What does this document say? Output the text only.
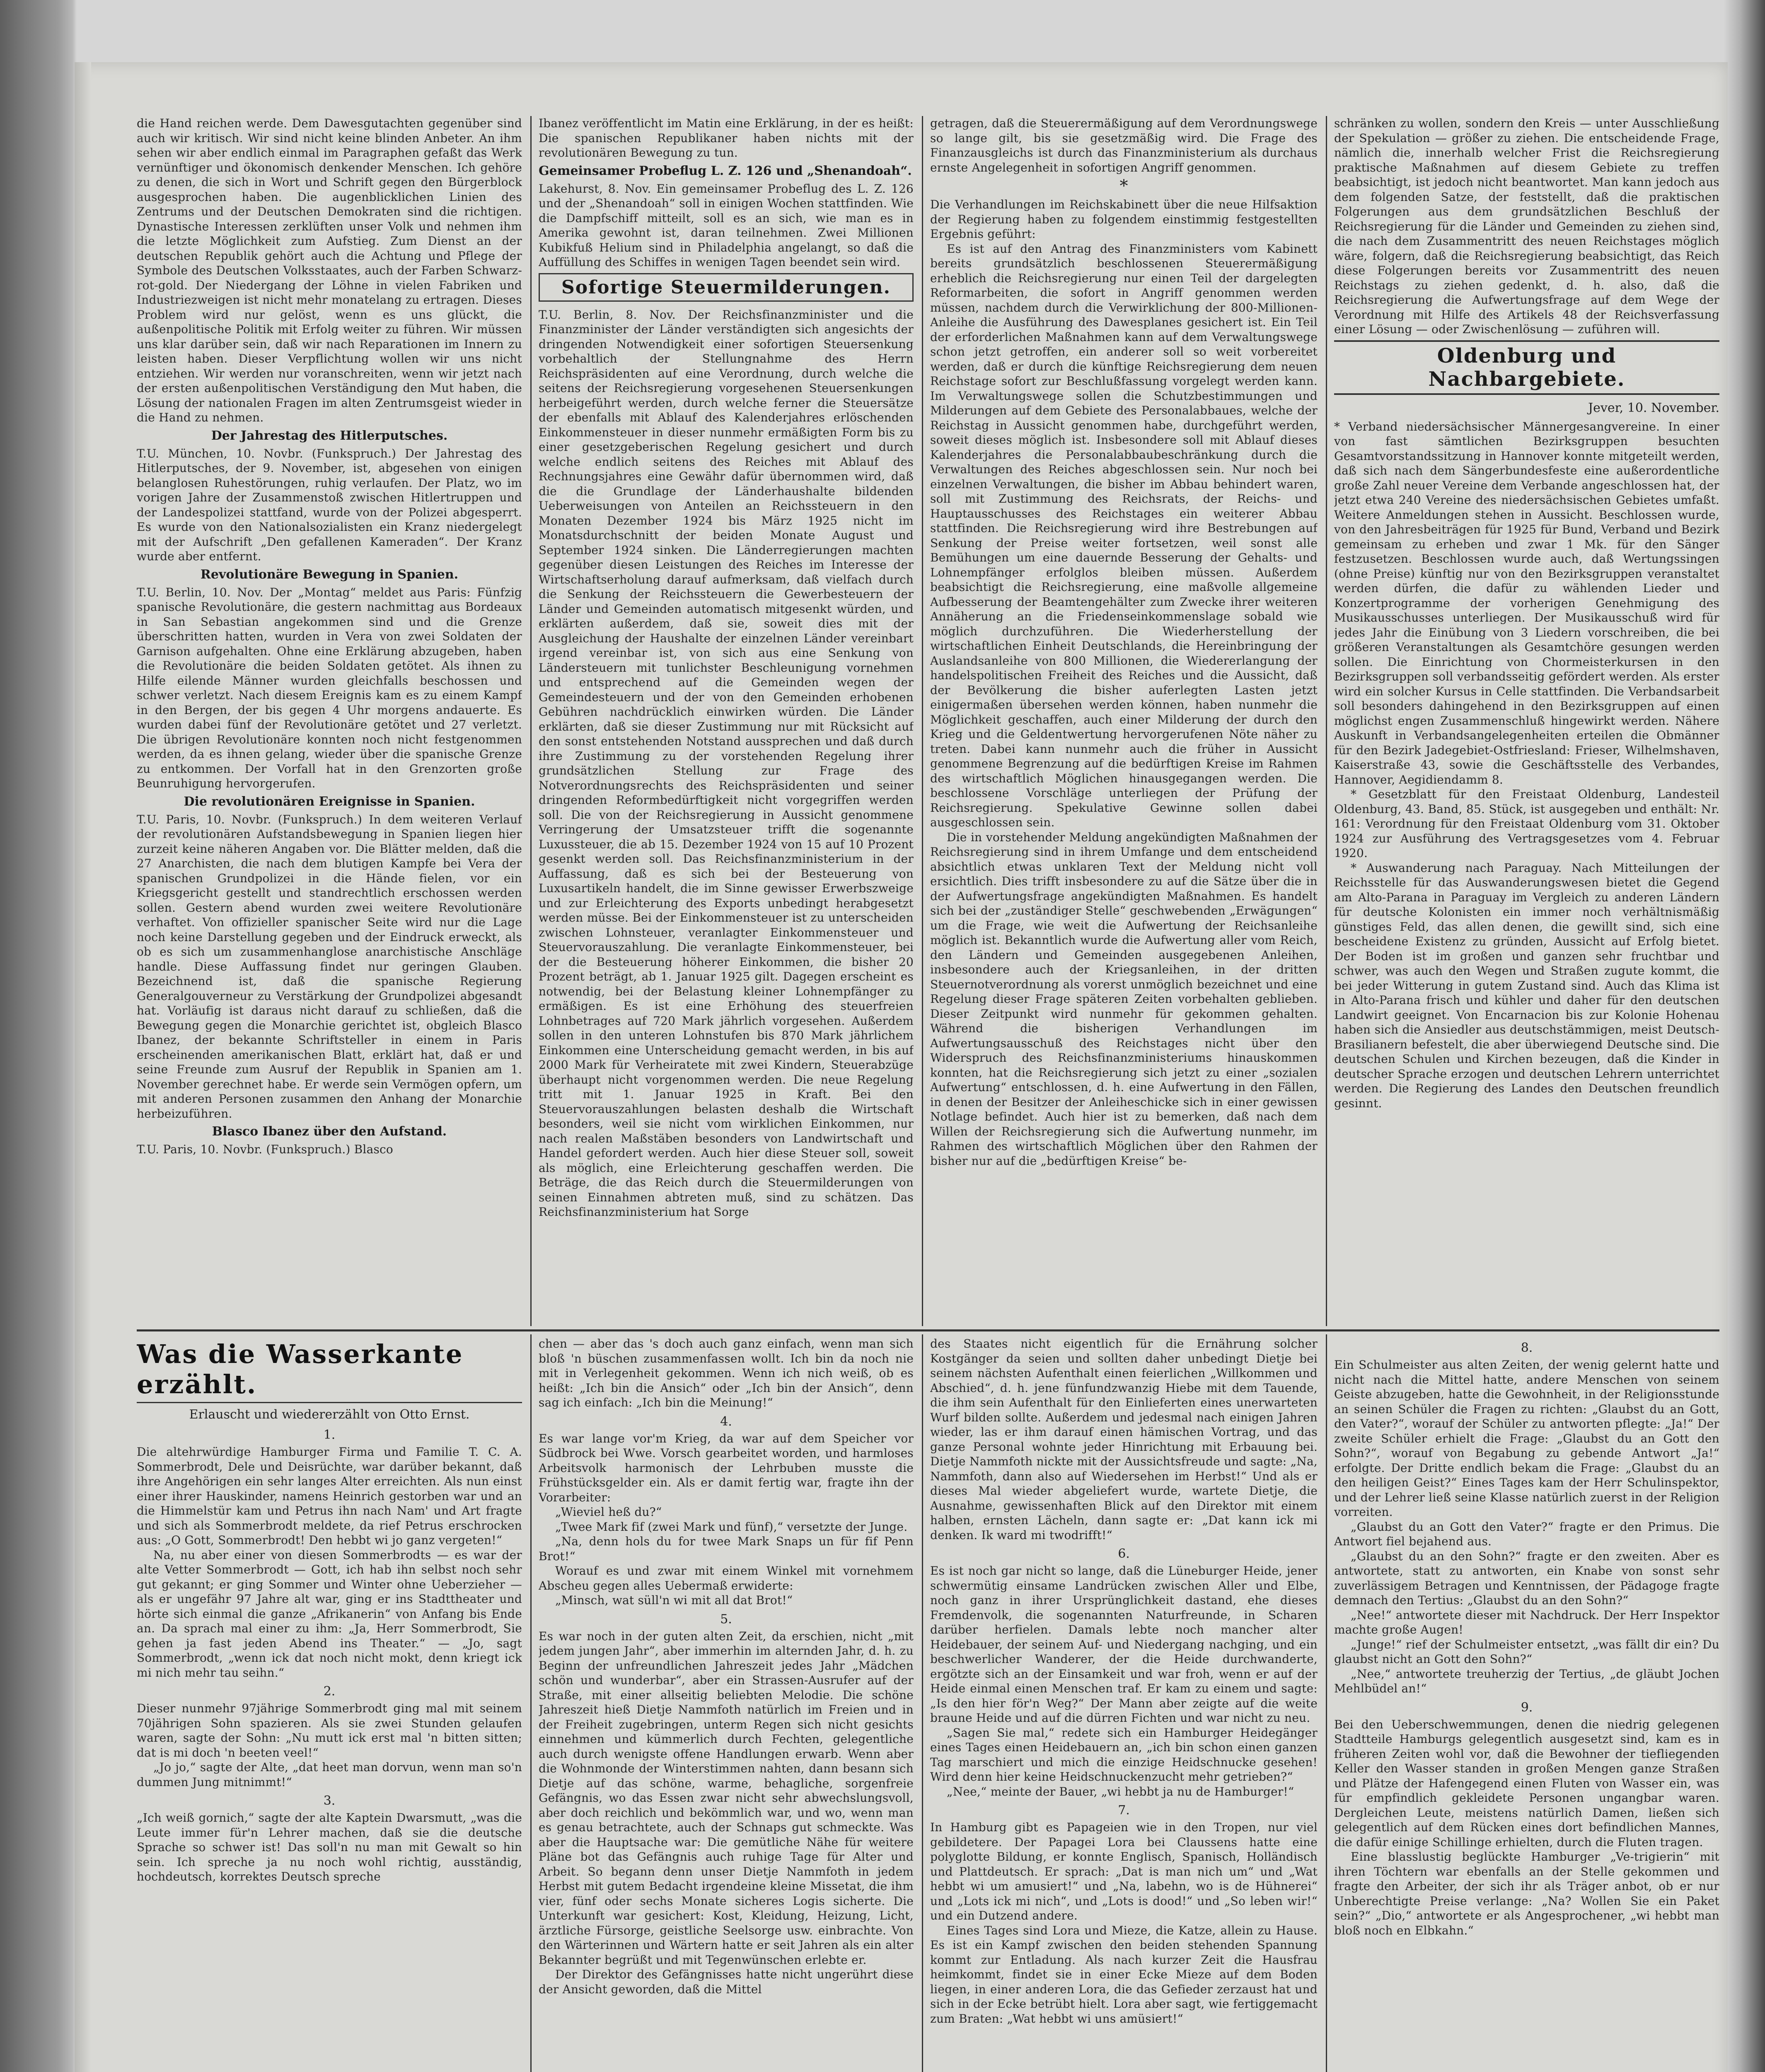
die Hand reichen werde. Dem Dawesgutachten gegenüber sind auch wir kritisch. Wir sind nicht keine blinden Anbeter. An ihm sehen wir aber endlich einmal im Paragraphen gefaßt das Werk vernünftiger und ökonomisch denkender Menschen. Ich gehöre zu denen, die sich in Wort und Schrift gegen den Bürgerblock ausgesprochen haben. Die augenblicklichen Linien des Zentrums und der Deutschen Demokraten sind die richtigen. Dynastische Interessen zerklüften unser Volk und nehmen ihm die letzte Möglichkeit zum Aufstieg. Zum Dienst an der deutschen Republik gehört auch die Achtung und Pflege der Symbole des Deutschen Volksstaates, auch der Farben Schwarz-rot-gold. Der Niedergang der Löhne in vielen Fabriken und Industriezweigen ist nicht mehr monatelang zu ertragen. Dieses Problem wird nur gelöst, wenn es uns glückt, die außenpolitische Politik mit Erfolg weiter zu führen. Wir müssen uns klar darüber sein, daß wir nach Reparationen im Innern zu leisten haben. Dieser Verpflichtung wollen wir uns nicht entziehen. Wir werden nur voranschreiten, wenn wir jetzt nach der ersten außenpolitischen Verständigung den Mut haben, die Lösung der nationalen Fragen im alten Zentrumsgeist wieder in die Hand zu nehmen.

Der Jahrestag des Hitlerputsches.

T.U. München, 10. Novbr. (Funkspruch.) Der Jahrestag des Hitlerputsches, der 9. November, ist, abgesehen von einigen belanglosen Ruhestörungen, ruhig verlaufen. Der Platz, wo im vorigen Jahre der Zusammenstoß zwischen Hitlertruppen und der Landespolizei stattfand, wurde von der Polizei abgesperrt. Es wurde von den Nationalsozialisten ein Kranz niedergelegt mit der Aufschrift „Den gefallenen Kameraden“. Der Kranz wurde aber entfernt.

Revolutionäre Bewegung in Spanien.

T.U. Berlin, 10. Nov. Der „Montag“ meldet aus Paris: Fünfzig spanische Revolutionäre, die gestern nachmittag aus Bordeaux in San Sebastian angekommen sind und die Grenze überschritten hatten, wurden in Vera von zwei Soldaten der Garnison aufgehalten. Ohne eine Erklärung abzugeben, haben die Revolutionäre die beiden Soldaten getötet. Als ihnen zu Hilfe eilende Männer wurden gleichfalls beschossen und schwer verletzt. Nach diesem Ereignis kam es zu einem Kampf in den Bergen, der bis gegen 4 Uhr morgens andauerte. Es wurden dabei fünf der Revolutionäre getötet und 27 verletzt. Die übrigen Revolutionäre konnten noch nicht festgenommen werden, da es ihnen gelang, wieder über die spanische Grenze zu entkommen. Der Vorfall hat in den Grenzorten große Beunruhigung hervorgerufen.

Die revolutionären Ereignisse in Spanien.

T.U. Paris, 10. Novbr. (Funkspruch.) In dem weiteren Verlauf der revolutionären Aufstandsbewegung in Spanien liegen hier zurzeit keine näheren Angaben vor. Die Blätter melden, daß die 27 Anarchisten, die nach dem blutigen Kampfe bei Vera der spanischen Grundpolizei in die Hände fielen, vor ein Kriegsgericht gestellt und standrechtlich erschossen werden sollen. Gestern abend wurden zwei weitere Revolutionäre verhaftet. Von offizieller spanischer Seite wird nur die Lage noch keine Darstellung gegeben und der Eindruck erweckt, als ob es sich um zusammenhanglose anarchistische Anschläge handle. Diese Auffassung findet nur geringen Glauben. Bezeichnend ist, daß die spanische Regierung Generalgouverneur zu Verstärkung der Grundpolizei abgesandt hat. Vorläufig ist daraus nicht darauf zu schließen, daß die Bewegung gegen die Monarchie gerichtet ist, obgleich Blasco Ibanez, der bekannte Schriftsteller in einem in Paris erscheinenden amerikanischen Blatt, erklärt hat, daß er und seine Freunde zum Ausruf der Republik in Spanien am 1. November gerechnet habe. Er werde sein Vermögen opfern, um mit anderen Personen zusammen den Anhang der Monarchie herbeizuführen.

Blasco Ibanez über den Aufstand.

T.U. Paris, 10. Novbr. (Funkspruch.) Blasco

Ibanez veröffentlicht im Matin eine Erklärung, in der es heißt: Die spanischen Republikaner haben nichts mit der revolutionären Bewegung zu tun.

Gemeinsamer Probeflug L. Z. 126 und „Shenandoah“.

Lakehurst, 8. Nov. Ein gemeinsamer Probeflug des L. Z. 126 und der „Shenandoah“ soll in einigen Wochen stattfinden. Wie die Dampfschiff mitteilt, soll es an sich, wie man es in Amerika gewohnt ist, daran teilnehmen. Zwei Millionen Kubikfuß Helium sind in Philadelphia angelangt, so daß die Auffüllung des Schiffes in wenigen Tagen beendet sein wird.

Sofortige Steuermilderungen.

T.U. Berlin, 8. Nov. Der Reichsfinanzminister und die Finanzminister der Länder verständigten sich angesichts der dringenden Notwendigkeit einer sofortigen Steuersenkung vorbehaltlich der Stellungnahme des Herrn Reichspräsidenten auf eine Verordnung, durch welche die seitens der Reichsregierung vorgesehenen Steuersenkungen herbeigeführt werden, durch welche ferner die Steuersätze der ebenfalls mit Ablauf des Kalenderjahres erlöschenden Einkommensteuer in dieser nunmehr ermäßigten Form bis zu einer gesetzgeberischen Regelung gesichert und durch welche endlich seitens des Reiches mit Ablauf des Rechnungsjahres eine Gewähr dafür übernommen wird, daß die die Grundlage der Länderhaushalte bildenden Ueberweisungen von Anteilen an Reichssteuern in den Monaten Dezember 1924 bis März 1925 nicht im Monatsdurchschnitt der beiden Monate August und September 1924 sinken. Die Länderregierungen machten gegenüber diesen Leistungen des Reiches im Interesse der Wirtschaftserholung darauf aufmerksam, daß vielfach durch die Senkung der Reichssteuern die Gewerbesteuern der Länder und Gemeinden automatisch mitgesenkt würden, und erklärten außerdem, daß sie, soweit dies mit der Ausgleichung der Haushalte der einzelnen Länder vereinbart irgend vereinbar ist, von sich aus eine Senkung von Ländersteuern mit tunlichster Beschleunigung vornehmen und entsprechend auf die Gemeinden wegen der Gemeindesteuern und der von den Gemeinden erhobenen Gebühren nachdrücklich einwirken würden. Die Länder erklärten, daß sie dieser Zustimmung nur mit Rücksicht auf den sonst entstehenden Notstand aussprechen und daß durch ihre Zustimmung zu der vorstehenden Regelung ihrer grundsätzlichen Stellung zur Frage des Notverordnungsrechts des Reichspräsidenten und seiner dringenden Reformbedürftigkeit nicht vorgegriffen werden soll. Die von der Reichsregierung in Aussicht genommene Verringerung der Umsatzsteuer trifft die sogenannte Luxussteuer, die ab 15. Dezember 1924 von 15 auf 10 Prozent gesenkt werden soll. Das Reichsfinanzministerium in der Auffassung, daß es sich bei der Besteuerung von Luxusartikeln handelt, die im Sinne gewisser Erwerbszweige und zur Erleichterung des Exports unbedingt herabgesetzt werden müsse. Bei der Einkommensteuer ist zu unterscheiden zwischen Lohnsteuer, veranlagter Einkommensteuer und Steuervorauszahlung. Die veranlagte Einkommensteuer, bei der die Besteuerung höherer Einkommen, die bisher 20 Prozent beträgt, ab 1. Januar 1925 gilt. Dagegen erscheint es notwendig, bei der Belastung kleiner Lohnempfänger zu ermäßigen. Es ist eine Erhöhung des steuerfreien Lohnbetrages auf 720 Mark jährlich vorgesehen. Außerdem sollen in den unteren Lohnstufen bis 870 Mark jährlichem Einkommen eine Unterscheidung gemacht werden, in bis auf 2000 Mark für Verheiratete mit zwei Kindern, Steuerabzüge überhaupt nicht vorgenommen werden. Die neue Regelung tritt mit 1. Januar 1925 in Kraft. Bei den Steuervorauszahlungen belasten deshalb die Wirtschaft besonders, weil sie nicht vom wirklichen Einkommen, nur nach realen Maßstäben besonders von Landwirtschaft und Handel gefordert werden. Auch hier diese Steuer soll, soweit als möglich, eine Erleichterung geschaffen werden. Die Beträge, die das Reich durch die Steuermilderungen von seinen Einnahmen abtreten muß, sind zu schätzen. Das Reichsfinanzministerium hat Sorge

getragen, daß die Steuerermäßigung auf dem Verordnungswege so lange gilt, bis sie gesetzmäßig wird. Die Frage des Finanzausgleichs ist durch das Finanzministerium als durchaus ernste Angelegenheit in sofortigen Angriff genommen.

*

Die Verhandlungen im Reichskabinett über die neue Hilfsaktion der Regierung haben zu folgendem einstimmig festgestellten Ergebnis geführt:

Es ist auf den Antrag des Finanzministers vom Kabinett bereits grundsätzlich beschlossenen Steuerermäßigung erheblich die Reichsregierung nur einen Teil der dargelegten Reformarbeiten, die sofort in Angriff genommen werden müssen, nachdem durch die Verwirklichung der 800-Millionen-Anleihe die Ausführung des Dawesplanes gesichert ist. Ein Teil der erforderlichen Maßnahmen kann auf dem Verwaltungswege schon jetzt getroffen, ein anderer soll so weit vorbereitet werden, daß er durch die künftige Reichsregierung dem neuen Reichstage sofort zur Beschlußfassung vorgelegt werden kann. Im Verwaltungswege sollen die Schutzbestimmungen und Milderungen auf dem Gebiete des Personalabbaues, welche der Reichstag in Aussicht genommen habe, durchgeführt werden, soweit dieses möglich ist. Insbesondere soll mit Ablauf dieses Kalenderjahres die Personalabbaubeschränkung durch die Verwaltungen des Reiches abgeschlossen sein. Nur noch bei einzelnen Verwaltungen, die bisher im Abbau behindert waren, soll mit Zustimmung des Reichsrats, der Reichs- und Hauptausschusses des Reichstages ein weiterer Abbau stattfinden. Die Reichsregierung wird ihre Bestrebungen auf Senkung der Preise weiter fortsetzen, weil sonst alle Bemühungen um eine dauernde Besserung der Gehalts- und Lohnempfänger erfolglos bleiben müssen. Außerdem beabsichtigt die Reichsregierung, eine maßvolle allgemeine Aufbesserung der Beamtengehälter zum Zwecke ihrer weiteren Annäherung an die Friedenseinkommenslage sobald wie möglich durchzuführen. Die Wiederherstellung der wirtschaftlichen Einheit Deutschlands, die Hereinbringung der Auslandsanleihe von 800 Millionen, die Wiedererlangung der handelspolitischen Freiheit des Reiches und die Aussicht, daß der Bevölkerung die bisher auferlegten Lasten jetzt einigermaßen übersehen werden können, haben nunmehr die Möglichkeit geschaffen, auch einer Milderung der durch den Krieg und die Geldentwertung hervorgerufenen Nöte näher zu treten. Dabei kann nunmehr auch die früher in Aussicht genommene Begrenzung auf die bedürftigen Kreise im Rahmen des wirtschaftlich Möglichen hinausgegangen werden. Die beschlossene Vorschläge unterliegen der Prüfung der Reichsregierung. Spekulative Gewinne sollen dabei ausgeschlossen sein.

Die in vorstehender Meldung angekündigten Maßnahmen der Reichsregierung sind in ihrem Umfange und dem entscheidend absichtlich etwas unklaren Text der Meldung nicht voll ersichtlich. Dies trifft insbesondere zu auf die Sätze über die in der Aufwertungsfrage angekündigten Maßnahmen. Es handelt sich bei der „zuständiger Stelle“ geschwebenden „Erwägungen“ um die Frage, wie weit die Aufwertung der Reichsanleihe möglich ist. Bekanntlich wurde die Aufwertung aller vom Reich, den Ländern und Gemeinden ausgegebenen Anleihen, insbesondere auch der Kriegsanleihen, in der dritten Steuernotverordnung als vorerst unmöglich bezeichnet und eine Regelung dieser Frage späteren Zeiten vorbehalten geblieben. Dieser Zeitpunkt wird nunmehr für gekommen gehalten. Während die bisherigen Verhandlungen im Aufwertungsausschuß des Reichstages nicht über den Widerspruch des Reichsfinanzministeriums hinauskommen konnten, hat die Reichsregierung sich jetzt zu einer „sozialen Aufwertung“ entschlossen, d. h. eine Aufwertung in den Fällen, in denen der Besitzer der Anleiheschicke sich in einer gewissen Notlage befindet. Auch hier ist zu bemerken, daß nach dem Willen der Reichsregierung sich die Aufwertung nunmehr, im Rahmen des wirtschaftlich Möglichen über den Rahmen der bisher nur auf die „bedürftigen Kreise“ be-

schränken zu wollen, sondern den Kreis — unter Ausschließung der Spekulation — größer zu ziehen. Die entscheidende Frage, nämlich die, innerhalb welcher Frist die Reichsregierung praktische Maßnahmen auf diesem Gebiete zu treffen beabsichtigt, ist jedoch nicht beantwortet. Man kann jedoch aus dem folgenden Satze, der feststellt, daß die praktischen Folgerungen aus dem grundsätzlichen Beschluß der Reichsregierung für die Länder und Gemeinden zu ziehen sind, die nach dem Zusammentritt des neuen Reichstages möglich wäre, folgern, daß die Reichsregierung beabsichtigt, das Reich diese Folgerungen bereits vor Zusammentritt des neuen Reichstags zu ziehen gedenkt, d. h. also, daß die Reichsregierung die Aufwertungsfrage auf dem Wege der Verordnung mit Hilfe des Artikels 48 der Reichsverfassung einer Lösung — oder Zwischenlösung — zuführen will.

Oldenburg und Nachbargebiete.
Jever, 10. November.

* Verband niedersächsischer Männergesangvereine. In einer von fast sämtlichen Bezirksgruppen besuchten Gesamtvorstandssitzung in Hannover konnte mitgeteilt werden, daß sich nach dem Sängerbundesfeste eine außerordentliche große Zahl neuer Vereine dem Verbande angeschlossen hat, der jetzt etwa 240 Vereine des niedersächsischen Gebietes umfaßt. Weitere Anmeldungen stehen in Aussicht. Beschlossen wurde, von den Jahresbeiträgen für 1925 für Bund, Verband und Bezirk gemeinsam zu erheben und zwar 1 Mk. für den Sänger festzusetzen. Beschlossen wurde auch, daß Wertungssingen (ohne Preise) künftig nur von den Bezirksgruppen veranstaltet werden dürfen, die dafür zu wählenden Lieder und Konzertprogramme der vorherigen Genehmigung des Musikausschusses unterliegen. Der Musikausschuß wird für jedes Jahr die Einübung von 3 Liedern vorschreiben, die bei größeren Veranstaltungen als Gesamtchöre gesungen werden sollen. Die Einrichtung von Chormeisterkursen in den Bezirksgruppen soll verbandsseitig gefördert werden. Als erster wird ein solcher Kursus in Celle stattfinden. Die Verbandsarbeit soll besonders dahingehend in den Bezirksgruppen auf einen möglichst engen Zusammenschluß hingewirkt werden. Nähere Auskunft in Verbandsangelegenheiten erteilen die Obmänner für den Bezirk Jadegebiet-Ostfriesland: Frieser, Wilhelmshaven, Kaiserstraße 43, sowie die Geschäftsstelle des Verbandes, Hannover, Aegidiendamm 8.

* Gesetzblatt für den Freistaat Oldenburg, Landesteil Oldenburg, 43. Band, 85. Stück, ist ausgegeben und enthält: Nr. 161: Verordnung für den Freistaat Oldenburg vom 31. Oktober 1924 zur Ausführung des Vertragsgesetzes vom 4. Februar 1920.

* Auswanderung nach Paraguay. Nach Mitteilungen der Reichsstelle für das Auswanderungswesen bietet die Gegend am Alto-Parana in Paraguay im Vergleich zu anderen Ländern für deutsche Kolonisten ein immer noch verhältnismäßig günstiges Feld, das allen denen, die gewillt sind, sich eine bescheidene Existenz zu gründen, Aussicht auf Erfolg bietet. Der Boden ist im großen und ganzen sehr fruchtbar und schwer, was auch den Wegen und Straßen zugute kommt, die bei jeder Witterung in gutem Zustand sind. Auch das Klima ist in Alto-Parana frisch und kühler und daher für den deutschen Landwirt geeignet. Von Encarnacion bis zur Kolonie Hohenau haben sich die Ansiedler aus deutschstämmigen, meist Deutsch-Brasilianern befestelt, die aber überwiegend Deutsche sind. Die deutschen Schulen und Kirchen bezeugen, daß die Kinder in deutscher Sprache erzogen und deutschen Lehrern unterrichtet werden. Die Regierung des Landes den Deutschen freundlich gesinnt.

Was die Wasserkante erzählt.
Erlauscht und wiedererzählt von Otto Ernst.
1.

Die altehrwürdige Hamburger Firma und Familie T. C. A. Sommerbrodt, Dele und Deisrüchte, war darüber bekannt, daß ihre Angehörigen ein sehr langes Alter erreichten. Als nun einst einer ihrer Hauskinder, namens Heinrich gestorben war und an die Himmelstür kam und Petrus ihn nach Nam' und Art fragte und sich als Sommerbrodt meldete, da rief Petrus erschrocken aus: „O Gott, Sommerbrodt! Den hebbt wi jo ganz vergeten!“

Na, nu aber einer von diesen Sommerbrodts — es war der alte Vetter Sommerbrodt — Gott, ich hab ihn selbst noch sehr gut gekannt; er ging Sommer und Winter ohne Ueberzieher — als er ungefähr 97 Jahre alt war, ging er ins Stadttheater und hörte sich einmal die ganze „Afrikanerin“ von Anfang bis Ende an. Da sprach mal einer zu ihm: „Ja, Herr Sommerbrodt, Sie gehen ja fast jeden Abend ins Theater.“ — „Jo, sagt Sommerbrodt, „wenn ick dat noch nicht mokt, denn kriegt ick mi nich mehr tau seihn.“

2.

Dieser nunmehr 97jährige Sommerbrodt ging mal mit seinem 70jährigen Sohn spazieren. Als sie zwei Stunden gelaufen waren, sagte der Sohn: „Nu mutt ick erst mal 'n bitten sitten; dat is mi doch 'n beeten veel!“

„Jo jo,“ sagte der Alte, „dat heet man dorvun, wenn man so'n dummen Jung mitnimmt!“

3.

„Ich weiß gornich,“ sagte der alte Kaptein Dwarsmutt, „was die Leute immer für'n Lehrer machen, daß sie die deutsche Sprache so schwer ist! Das soll'n nu man mit Gewalt so hin sein. Ich spreche ja nu noch wohl richtig, ausständig, hochdeutsch, korrektes Deutsch spreche

chen — aber das 's doch auch ganz einfach, wenn man sich bloß 'n büschen zusammenfassen wollt. Ich bin da noch nie mit in Verlegenheit gekommen. Wenn ich nich weiß, ob es heißt: „Ich bin die Ansich“ oder „Ich bin der Ansich“, denn sag ich einfach: „Ich bin die Meinung!“

4.

Es war lange vor'm Krieg, da war auf dem Speicher vor Südbrock bei Wwe. Vorsch gearbeitet worden, und harmloses Arbeitsvolk harmonisch der Lehrbuben musste die Frühstücksgelder ein. Als er damit fertig war, fragte ihn der Vorarbeiter:

„Wieviel heß du?“

„Twee Mark fif (zwei Mark und fünf),“ versetzte der Junge.

„Na, denn hols du for twee Mark Snaps un für fif Penn Brot!“

Worauf es und zwar mit einem Winkel mit vornehmem Abscheu gegen alles Uebermaß erwiderte:

„Minsch, wat süll'n wi mit all dat Brot!“

5.

Es war noch in der guten alten Zeit, da erschien, nicht „mit jedem jungen Jahr“, aber immerhin im alternden Jahr, d. h. zu Beginn der unfreundlichen Jahreszeit jedes Jahr „Mädchen schön und wunderbar“, aber ein Strassen-Ausrufer auf der Straße, mit einer allseitig beliebten Melodie. Die schöne Jahreszeit hieß Dietje Nammfoth natürlich im Freien und in der Freiheit zugebringen, unterm Regen sich nicht gesichts einnehmen und kümmerlich durch Fechten, gelegentliche auch durch wenigste offene Handlungen erwarb. Wenn aber die Wohnmonde der Winterstimmen nahten, dann besann sich Dietje auf das schöne, warme, behagliche, sorgenfreie Gefängnis, wo das Essen zwar nicht sehr abwechslungsvoll, aber doch reichlich und bekömmlich war, und wo, wenn man es genau betrachtete, auch der Schnaps gut schmeckte. Was aber die Hauptsache war: Die gemütliche Nähe für weitere Pläne bot das Gefängnis auch ruhige Tage für Alter und Arbeit. So begann denn unser Dietje Nammfoth in jedem Herbst mit gutem Bedacht irgendeine kleine Missetat, die ihm vier, fünf oder sechs Monate sicheres Logis sicherte. Die Unterkunft war gesichert: Kost, Kleidung, Heizung, Licht, ärztliche Fürsorge, geistliche Seelsorge usw. einbrachte. Von den Wärterinnen und Wärtern hatte er seit Jahren als ein alter Bekannter begrüßt und mit Tegenwünschen erlebte er.

Der Direktor des Gefängnisses hatte nicht ungerührt diese der Ansicht geworden, daß die Mittel

des Staates nicht eigentlich für die Ernährung solcher Kostgänger da seien und sollten daher unbedingt Dietje bei seinem nächsten Aufenthalt einen feierlichen „Willkommen und Abschied“, d. h. jene fünfundzwanzig Hiebe mit dem Tauende, die ihm sein Aufenthalt für den Einlieferten eines unerwarteten Wurf bilden sollte. Außerdem und jedesmal nach einigen Jahren wieder, las er ihm darauf einen hämischen Vortrag, und das ganze Personal wohnte jeder Hinrichtung mit Erbauung bei. Dietje Nammfoth nickte mit der Aussichtsfreude und sagte: „Na, Nammfoth, dann also auf Wiedersehen im Herbst!“ Und als er dieses Mal wieder abgeliefert wurde, wartete Dietje, die Ausnahme, gewissenhaften Blick auf den Direktor mit einem halben, ernsten Lächeln, dann sagte er: „Dat kann ick mi denken. Ik ward mi twodrifft!“

6.

Es ist noch gar nicht so lange, daß die Lüneburger Heide, jener schwermütig einsame Landrücken zwischen Aller und Elbe, noch ganz in ihrer Ursprünglichkeit dastand, ehe dieses Fremdenvolk, die sogenannten Naturfreunde, in Scharen darüber herfielen. Damals lebte noch mancher alter Heidebauer, der seinem Auf- und Niedergang nachging, und ein beschwerlicher Wanderer, der die Heide durchwanderte, ergötzte sich an der Einsamkeit und war froh, wenn er auf der Heide einmal einen Menschen traf. Er kam zu einem und sagte: „Is den hier för'n Weg?“ Der Mann aber zeigte auf die weite braune Heide und auf die dürren Fichten und war nicht zu neu.

„Sagen Sie mal,“ redete sich ein Hamburger Heidegänger eines Tages einen Heidebauern an, „ich bin schon einen ganzen Tag marschiert und mich die einzige Heidschnucke gesehen! Wird denn hier keine Heidschnuckenzucht mehr getrieben?“

„Nee,“ meinte der Bauer, „wi hebbt ja nu de Hamburger!“

7.

In Hamburg gibt es Papageien wie in den Tropen, nur viel gebildetere. Der Papagei Lora bei Claussens hatte eine polyglotte Bildung, er konnte Englisch, Spanisch, Holländisch und Plattdeutsch. Er sprach: „Dat is man nich um“ und „Wat hebbt wi um amusiert!“ und „Na, labehn, wo is de Hühnerei“ und „Lots ick mi nich“, und „Lots is dood!“ und „So leben wir!“ und ein Dutzend andere.

Eines Tages sind Lora und Mieze, die Katze, allein zu Hause. Es ist ein Kampf zwischen den beiden stehenden Spannung kommt zur Entladung. Als nach kurzer Zeit die Hausfrau heimkommt, findet sie in einer Ecke Mieze auf dem Boden liegen, in einer anderen Lora, die das Gefieder zerzaust hat und sich in der Ecke betrübt hielt. Lora aber sagt, wie fertiggemacht zum Braten: „Wat hebbt wi uns amüsiert!“

8.

Ein Schulmeister aus alten Zeiten, der wenig gelernt hatte und nicht nach die Mittel hatte, andere Menschen von seinem Geiste abzugeben, hatte die Gewohnheit, in der Religionsstunde an seinen Schüler die Fragen zu richten: „Glaubst du an Gott, den Vater?“, worauf der Schüler zu antworten pflegte: „Ja!“ Der zweite Schüler erhielt die Frage: „Glaubst du an Gott den Sohn?“, worauf von Begabung zu gebende Antwort „Ja!“ erfolgte. Der Dritte endlich bekam die Frage: „Glaubst du an den heiligen Geist?“ Eines Tages kam der Herr Schulinspektor, und der Lehrer ließ seine Klasse natürlich zuerst in der Religion vorreiten.

„Glaubst du an Gott den Vater?“ fragte er den Primus. Die Antwort fiel bejahend aus.

„Glaubst du an den Sohn?“ fragte er den zweiten. Aber es antwortete, statt zu antworten, ein Knabe von sonst sehr zuverlässigem Betragen und Kenntnissen, der Pädagoge fragte demnach den Tertius: „Glaubst du an den Sohn?“

„Nee!“ antwortete dieser mit Nachdruck. Der Herr Inspektor machte große Augen!

„Junge!“ rief der Schulmeister entsetzt, „was fällt dir ein? Du glaubst nicht an Gott den Sohn?“

„Nee,“ antwortete treuherzig der Tertius, „de gläubt Jochen Mehlbüdel an!“

9.

Bei den Ueberschwemmungen, denen die niedrig gelegenen Stadtteile Hamburgs gelegentlich ausgesetzt sind, kam es in früheren Zeiten wohl vor, daß die Bewohner der tiefliegenden Keller den Wasser standen in großen Mengen ganze Straßen und Plätze der Hafengegend einen Fluten von Wasser ein, was für empfindlich gekleidete Personen ungangbar waren. Dergleichen Leute, meistens natürlich Damen, ließen sich gelegentlich auf dem Rücken eines dort befindlichen Mannes, die dafür einige Schillinge erhielten, durch die Fluten tragen.

Eine blasslustig beglückte Hamburger „Ve-trigierin“ mit ihren Töchtern war ebenfalls an der Stelle gekommen und fragte den Arbeiter, der sich ihr als Träger anbot, ob er nur Unberechtigte Preise verlange: „Na? Wollen Sie ein Paket sein?“ „Dio,“ antwortete er als Angesprochener, „wi hebbt man bloß noch en Elbkahn.“
